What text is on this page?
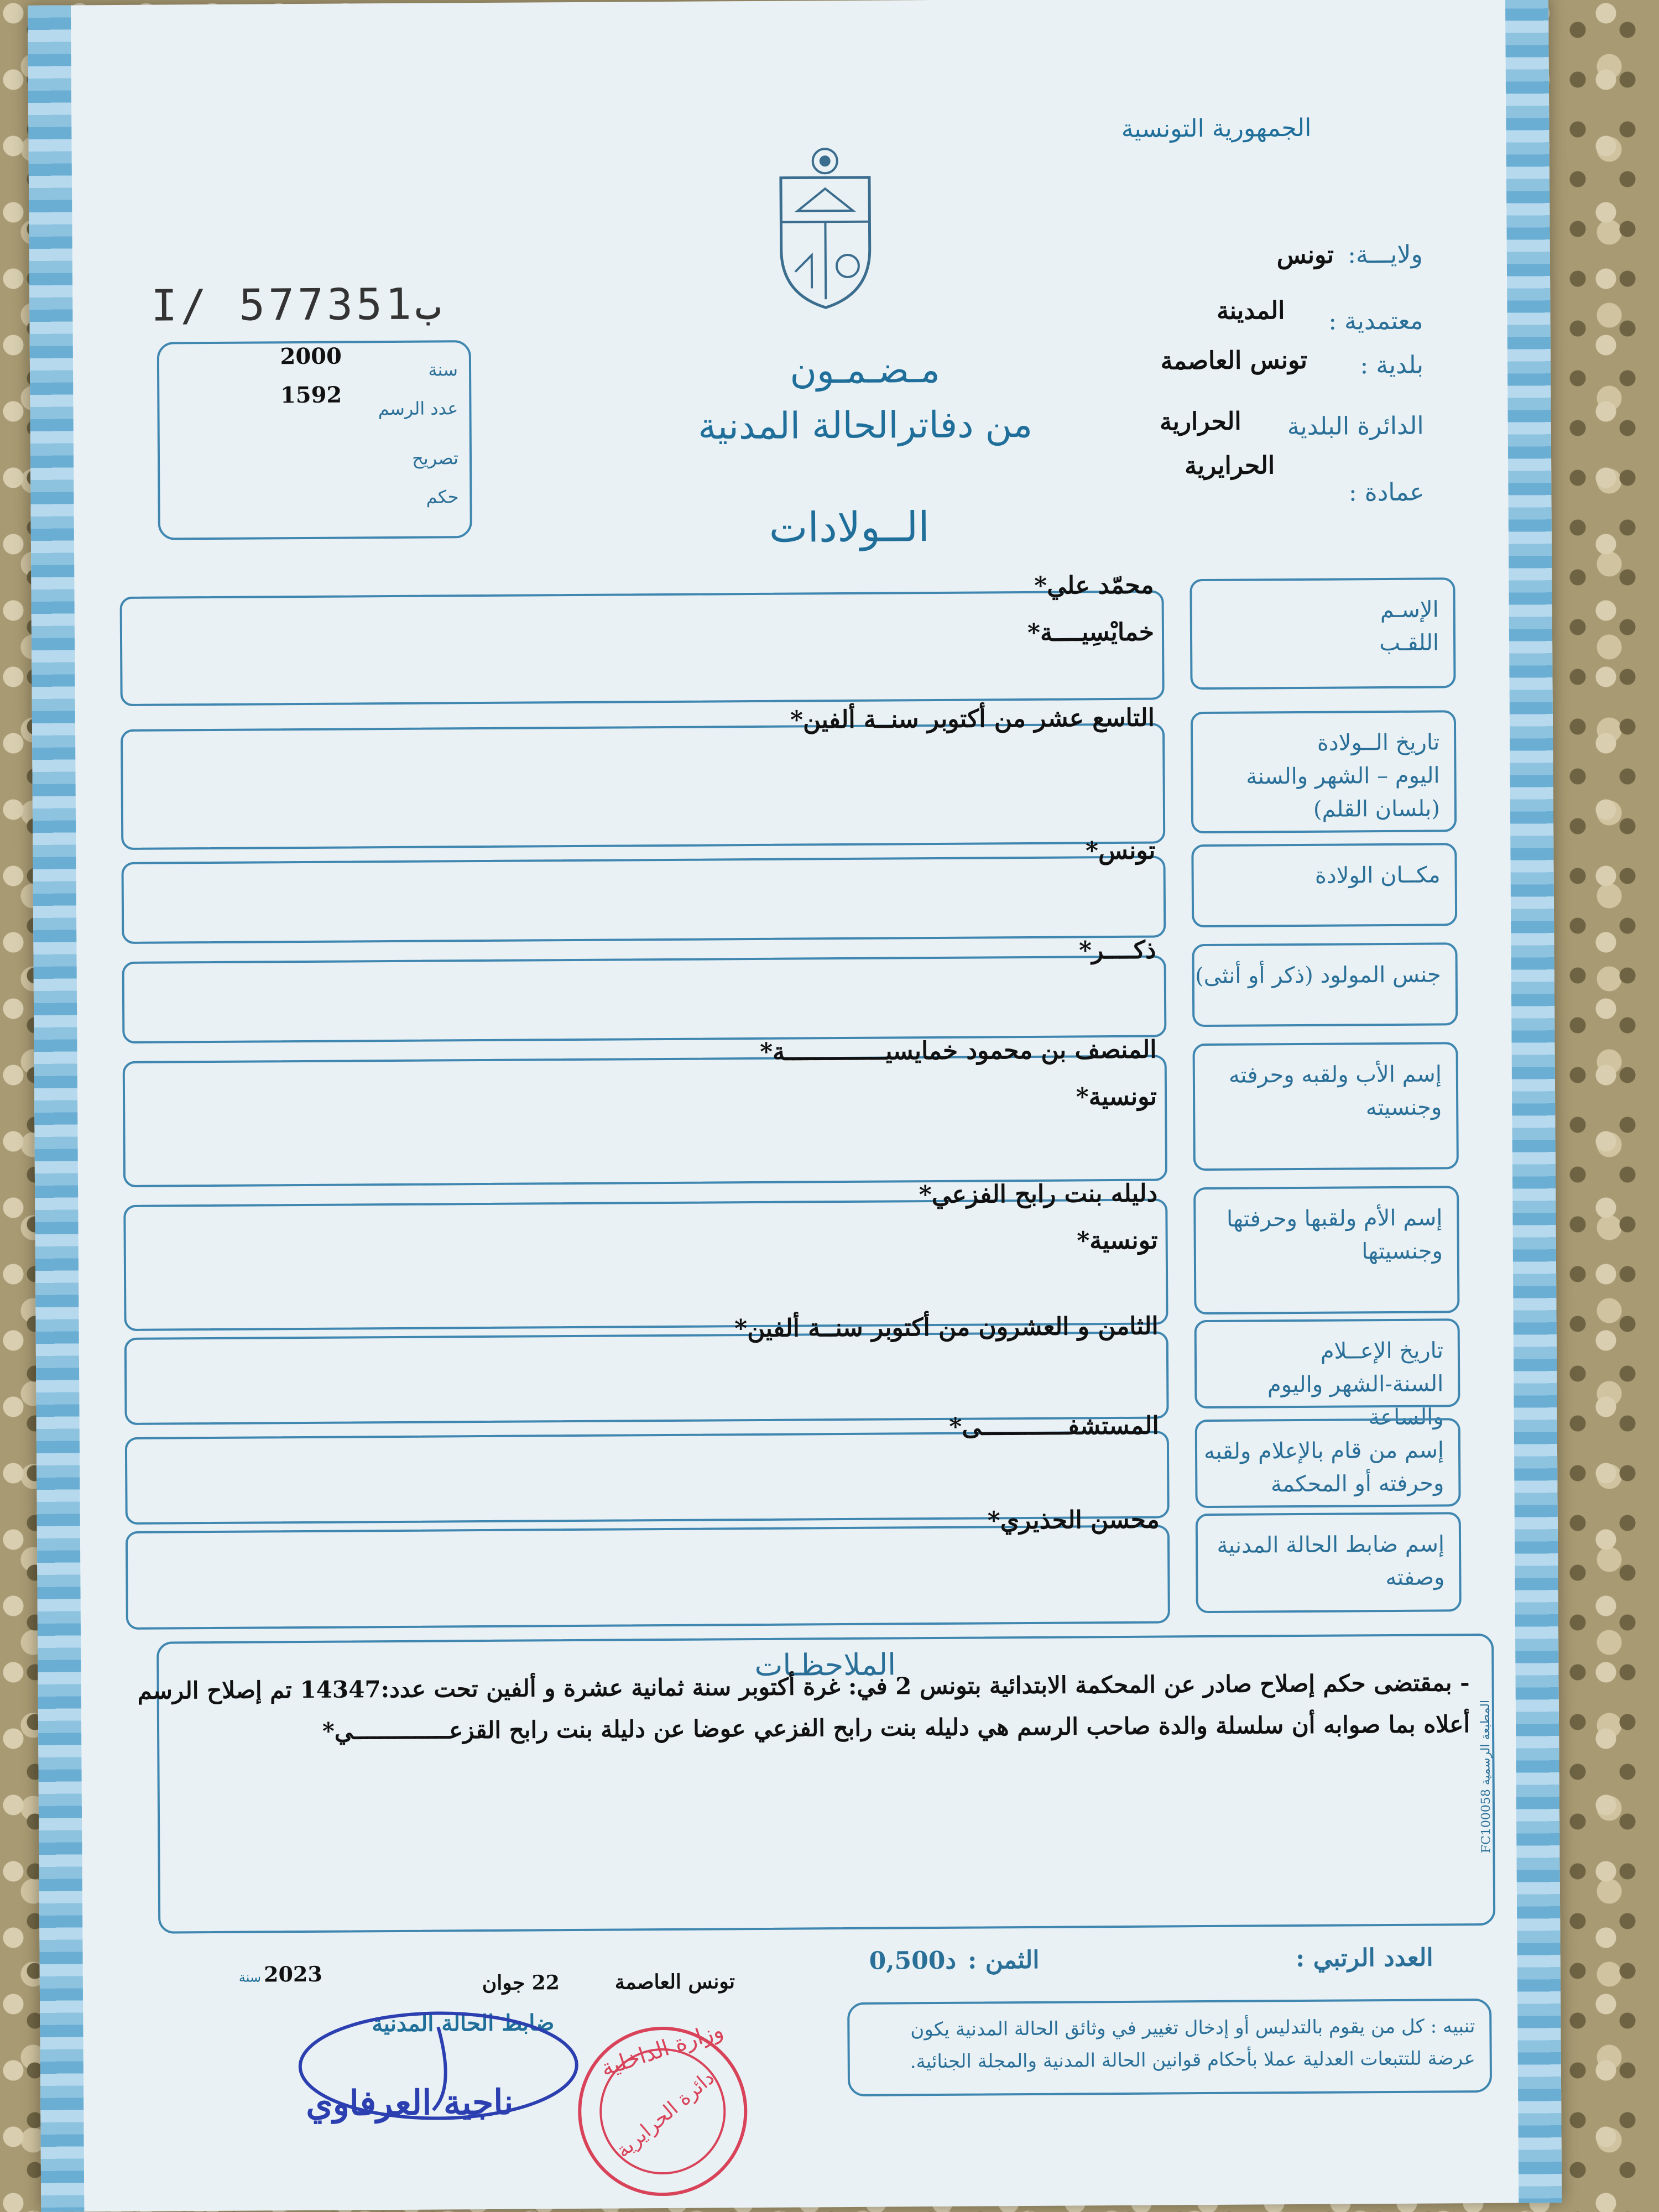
الجمهورية التونسية
I/ 577351ب
سنة
2000
عدد الرسم
1592
تصريح
حكم
مـضـمـون
من دفاترالحالة المدنية
الــولادات
ولايـــة: تونس
معتمدية :
المدينة
بلدية :
تونس العاصمة
الدائرة البلدية
الحرارية
عمادة :
الحرايرية
الإسـم
اللقـب
محمّد علي*
خمايْسِيــــة*
تاريخ الــولادة
اليوم – الشهر والسنة
(بلسان القلم)
التاسع عشر من أكتوبر سنــة ألفين*
مكــان الولادة
تونس*
جنس المولود (ذكر أو أنثى)
ذكــــر*
إسم الأب ولقبه وحرفته
وجنسيته
المنصف بن محمود خمايسيــــــــــــــة*
تونسية*
إسم الأم ولقبها وحرفتها
وجنسيتها
دليله بنت رابح الفزعي*
تونسية*
تاريخ الإعــلام
السنة-الشهر واليوم والساعة
الثامن و العشرون من أكتوبر سنــة ألفين*
إسم من قام بالإعلام ولقبه
وحرفته أو المحكمة
المستشفــــــــــــى*
إسم ضابط الحالة المدنية
وصفته
محسن الحذيري*
الملاحظـات
- بمقتضى حكم إصلاح صادر عن المحكمة الابتدائية بتونس 2 في: غرة أكتوبر سنة ثمانية عشرة و ألفين تحت عدد:14347 تم إصلاح الرسم
أعلاه بما صوابه أن سلسلة والدة صاحب الرسم هي دليله بنت رابح الفزعي عوضا عن دليلة بنت رابح القزعــــــــــــــي*
المطبعة الرسمية FC100058
العدد الرتبي :
الثمن : 0,500د
تونس العاصمة
22 جوان
2023 سنة
ضابط الحالة المدنية
ناجية العرفاوي
وزارة الداخلية
دائرة الحرايرية
تنبيه : كل من يقوم بالتدليس أو إدخال تغيير في وثائق الحالة المدنية يكون عرضة للتتبعات العدلية عملا بأحكام قوانين الحالة المدنية والمجلة الجنائية.
